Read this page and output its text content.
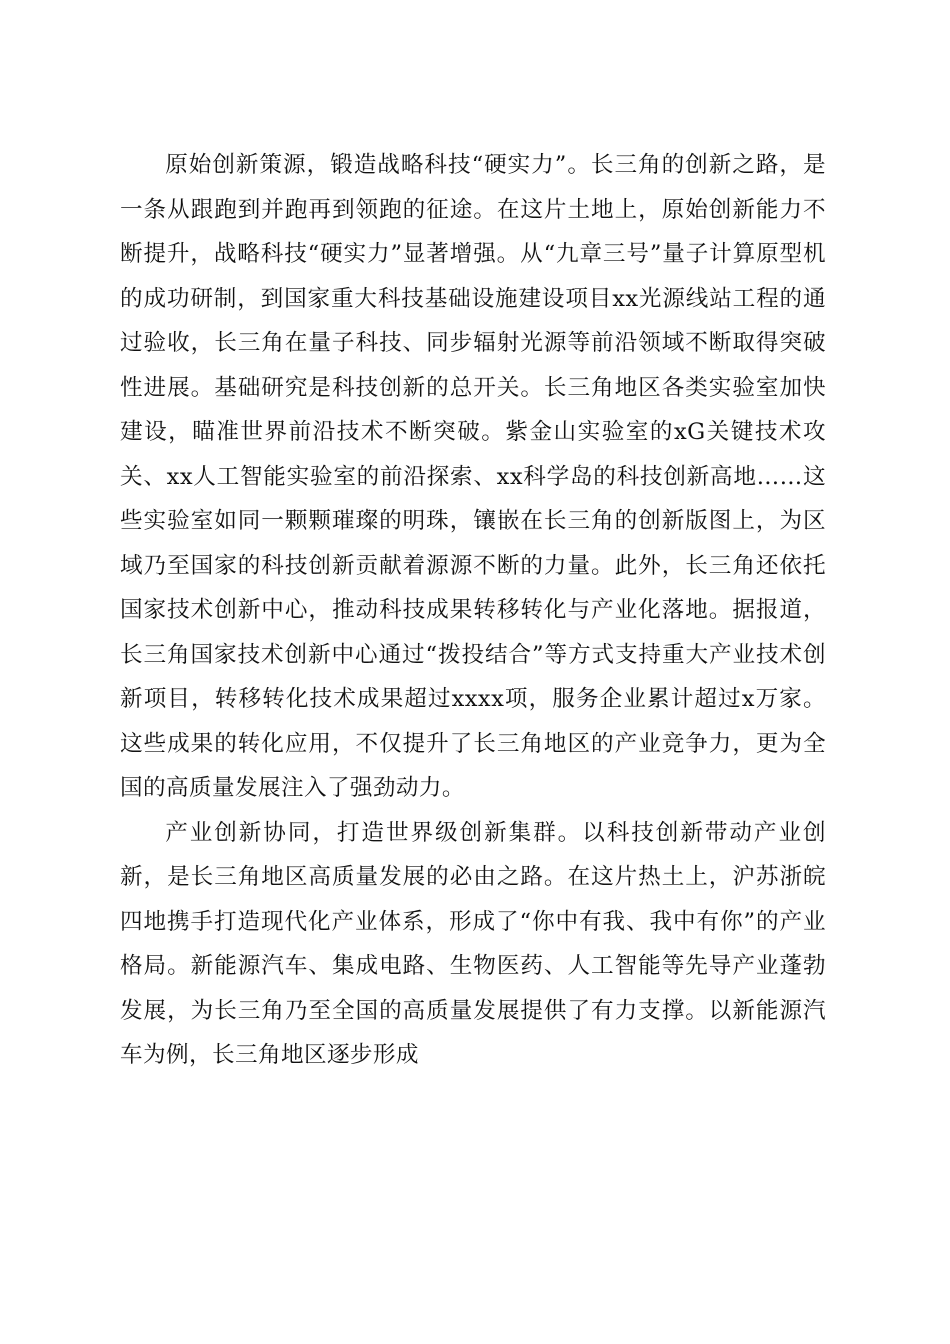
原始创新策源，锻造战略科技“硬实力”。长三角的创新之路，是一条从跟跑到并跑再到领跑的征途。在这片土地上，原始创新能力不断提升，战略科技“硬实力”显著增强。从“九章三号”量子计算原型机的成功研制，到国家重大科技基础设施建设项目xx光源线站工程的通过验收，长三角在量子科技、同步辐射光源等前沿领域不断取得突破性进展。基础研究是科技创新的总开关。长三角地区各类实验室加快建设，瞄准世界前沿技术不断突破。紫金山实验室的xG关键技术攻关、xx人工智能实验室的前沿探索、xx科学岛的科技创新高地……这些实验室如同一颗颗璀璨的明珠，镶嵌在长三角的创新版图上，为区域乃至国家的科技创新贡献着源源不断的力量。此外，长三角还依托国家技术创新中心，推动科技成果转移转化与产业化落地。据报道，长三角国家技术创新中心通过“拨投结合”等方式支持重大产业技术创新项目，转移转化技术成果超过xxxx项，服务企业累计超过x万家。这些成果的转化应用，不仅提升了长三角地区的产业竞争力，更为全国的高质量发展注入了强劲动力。

产业创新协同，打造世界级创新集群。以科技创新带动产业创新，是长三角地区高质量发展的必由之路。在这片热土上，沪苏浙皖四地携手打造现代化产业体系，形成了“你中有我、我中有你”的产业格局。新能源汽车、集成电路、生物医药、人工智能等先导产业蓬勃发展，为长三角乃至全国的高质量发展提供了有力支撑。以新能源汽车为例，长三角地区逐步形成
